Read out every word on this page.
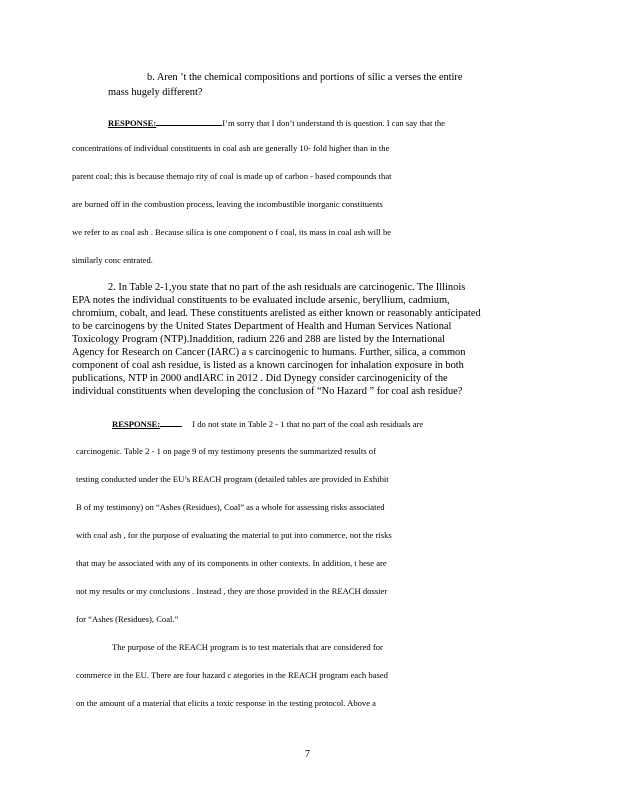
b. Aren ’t the chemical compositions and portions of silic a verses the entire
mass hugely different?
RESPONSE:	I’m sorry that I don’t understand th is question. I can say that the
concentrations of individual constituents in coal ash are generally 10- fold higher than in the
parent coal; this is because themajo rity of coal is made up of carbon - based compounds that
are burned off in the combustion process, leaving the incombustible inorganic constituents
we refer to as coal ash . Because silica is one component o f coal, its mass in coal ash will be
similarly conc entrated.
2. In Table 2-1,you state that no part of the ash residuals are carcinogenic. The Illinois
EPA notes the individual constituents to be evaluated include arsenic, beryllium, cadmium,
chromium, cobalt, and lead. These constituents arelisted as either known or reasonably anticipated
to be carcinogens by the United States Department of Health and Human Services National
Toxicology Program (NTP).Inaddition, radium 226 and 288 are listed by the International
Agency for Research on Cancer (IARC) a s carcinogenic to humans. Further, silica, a common
component of coal ash residue, is listed as a known carcinogen for inhalation exposure in both
publications, NTP in 2000 andIARC in 2012 . Did Dynegy consider carcinogenicity of the
individual constituents when developing the conclusion of “No Hazard ” for coal ash residue?
RESPONSE:	I do not state in Table 2 - 1 that no part of the coal ash residuals are
carcinogenic. Table 2 - 1 on page 9 of my testimony presents the summarized results of
testing conducted under the EU’s REACH program (detailed tables are provided in Exhibit
B of my testimony) on “Ashes (Residues), Coal” as a whole for assessing risks associated
with coal ash , for the purpose of evaluating the material to put into commerce, not the risks
that may be associated with any of its components in other contexts. In addition, t hese are
not my results or my conclusions . Instead , they are those provided in the REACH dossier
for “Ashes (Residues), Coal.”
The purpose of the REACH program is to test materials that are considered for
commerce in the EU. There are four hazard c ategories in the REACH program each based
on the amount of a material that elicits a toxic response in the testing protocol. Above a
7
